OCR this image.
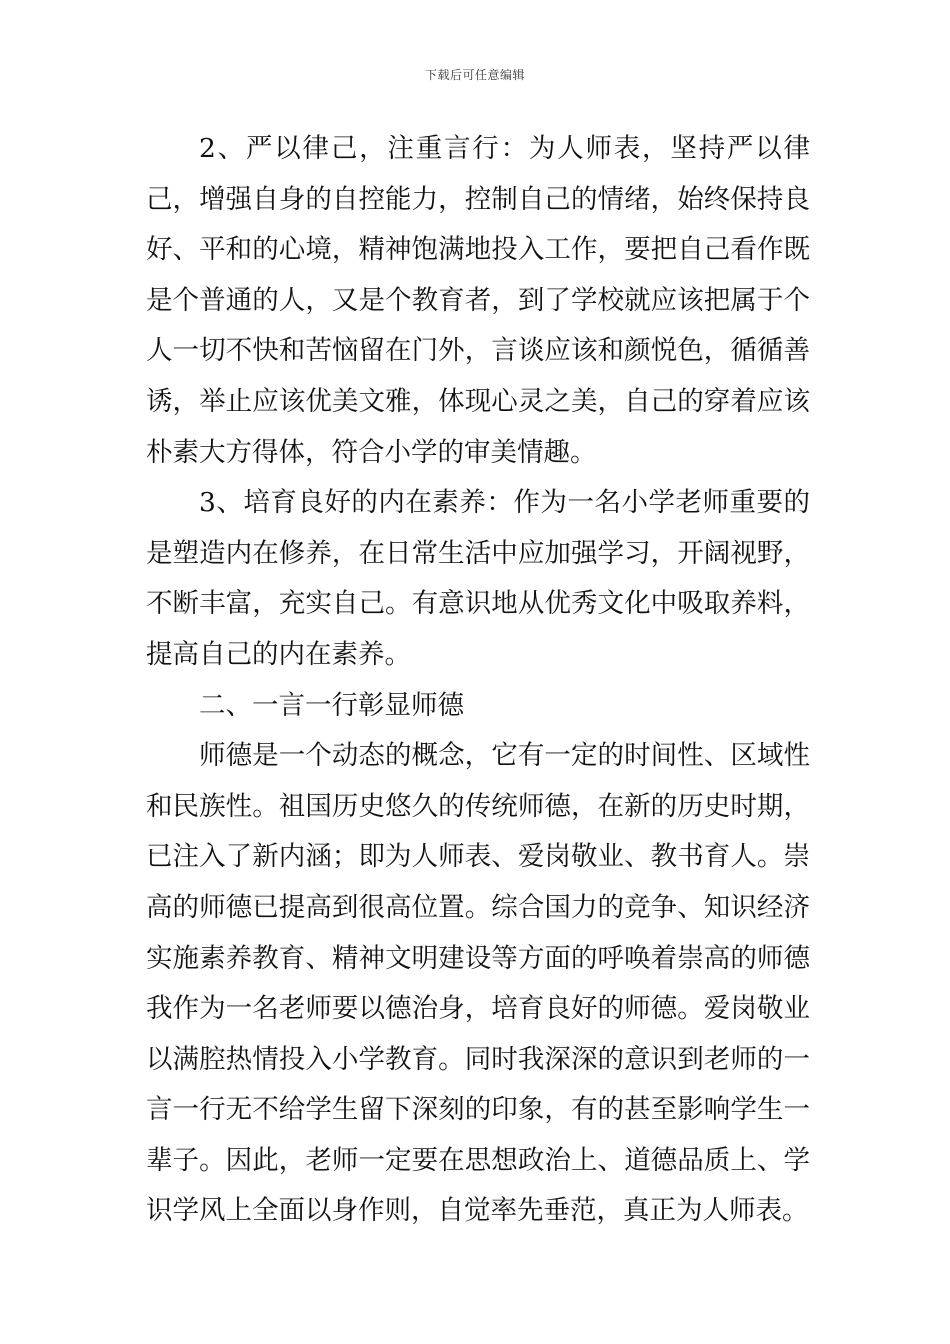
下载后可任意编辑

2、严以律己，注重言行：为人师表，坚持严以律己，增强自身的自控能力，控制自己的情绪，始终保持良好、平和的心境，精神饱满地投入工作，要把自己看作既是个普通的人，又是个教育者，到了学校就应该把属于个人一切不快和苦恼留在门外，言谈应该和颜悦色，循循善诱，举止应该优美文雅，体现心灵之美，自己的穿着应该朴素大方得体，符合小学的审美情趣。

3、培育良好的内在素养：作为一名小学老师重要的是塑造内在修养，在日常生活中应加强学习，开阔视野，不断丰富，充实自己。有意识地从优秀文化中吸取养料，提高自己的内在素养。

二、一言一行彰显师德

师德是一个动态的概念，它有一定的时间性、区域性和民族性。祖国历史悠久的传统师德，在新的历史时期，已注入了新内涵；即为人师表、爱岗敬业、教书育人。崇高的师德已提高到很高位置。综合国力的竞争、知识经济实施素养教育、精神文明建设等方面的呼唤着崇高的师德我作为一名老师要以德治身，培育良好的师德。爱岗敬业以满腔热情投入小学教育。同时我深深的意识到老师的一言一行无不给学生留下深刻的印象，有的甚至影响学生一辈子。因此，老师一定要在思想政治上、道德品质上、学识学风上全面以身作则，自觉率先垂范，真正为人师表。
